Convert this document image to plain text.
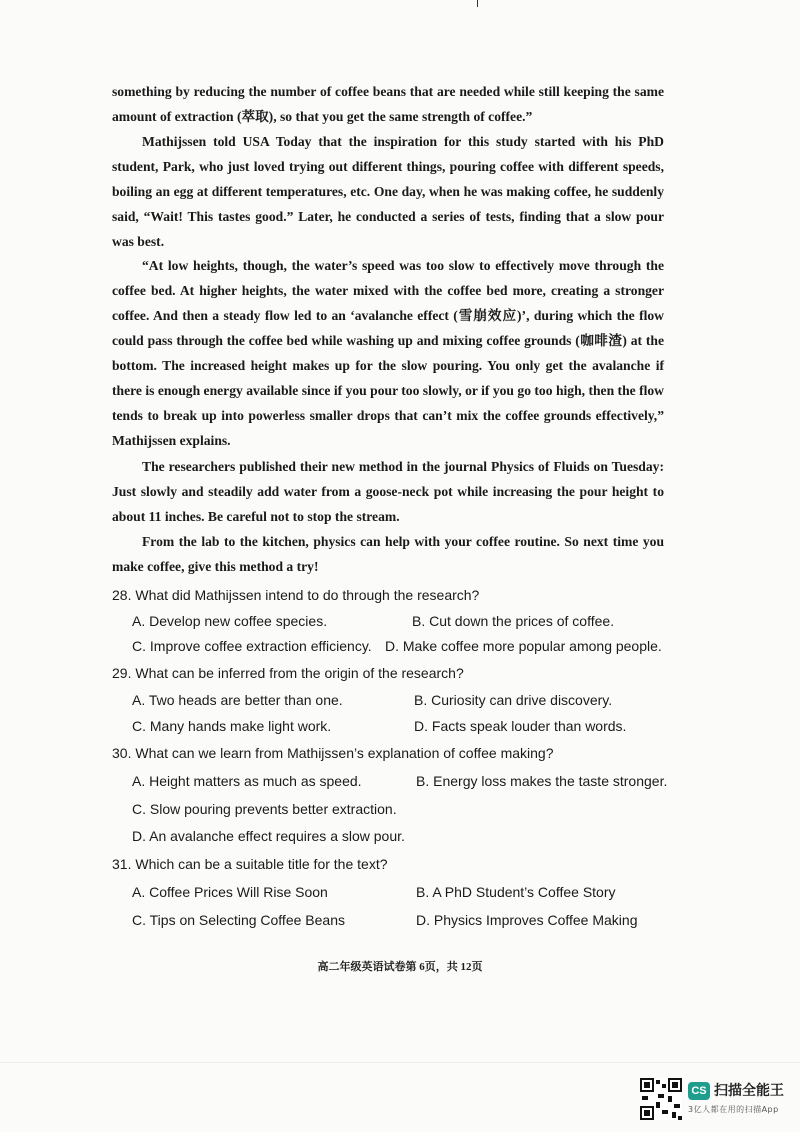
something by reducing the number of coffee beans that are needed while still keeping the same amount of extraction (萃取), so that you get the same strength of coffee.”

Mathijssen told USA Today that the inspiration for this study started with his PhD student, Park, who just loved trying out different things, pouring coffee with different speeds, boiling an egg at different temperatures, etc. One day, when he was making coffee, he suddenly said, “Wait! This tastes good.” Later, he conducted a series of tests, finding that a slow pour was best.

“At low heights, though, the water’s speed was too slow to effectively move through the coffee bed. At higher heights, the water mixed with the coffee bed more, creating a stronger coffee. And then a steady flow led to an ‘avalanche effect (雪崩效应)’, during which the flow could pass through the coffee bed while washing up and mixing coffee grounds (咖啡渣) at the bottom. The increased height makes up for the slow pouring. You only get the avalanche if there is enough energy available since if you pour too slowly, or if you go too high, then the flow tends to break up into powerless smaller drops that can’t mix the coffee grounds effectively,” Mathijssen explains.

The researchers published their new method in the journal Physics of Fluids on Tuesday: Just slowly and steadily add water from a goose-neck pot while increasing the pour height to about 11 inches. Be careful not to stop the stream.

From the lab to the kitchen, physics can help with your coffee routine. So next time you make coffee, give this method a try!

28. What did Mathijssen intend to do through the research?

A. Develop new coffee species.	B. Cut down the prices of coffee.

C. Improve coffee extraction efficiency. D. Make coffee more popular among people.

29. What can be inferred from the origin of the research?

A. Two heads are better than one.	B. Curiosity can drive discovery.

C. Many hands make light work.	D. Facts speak louder than words.

30. What can we learn from Mathijssen’s explanation of coffee making?

A. Height matters as much as speed.	B. Energy loss makes the taste stronger.

C. Slow pouring prevents better extraction.

D. An avalanche effect requires a slow pour.

31. Which can be a suitable title for the text?

A. Coffee Prices Will Rise Soon	B. A PhD Student’s Coffee Story

C. Tips on Selecting Coffee Beans	D. Physics Improves Coffee Making

高二年级英语试卷第 6页，共 12页
CS 扫描全能王
3亿人都在用的扫描App
